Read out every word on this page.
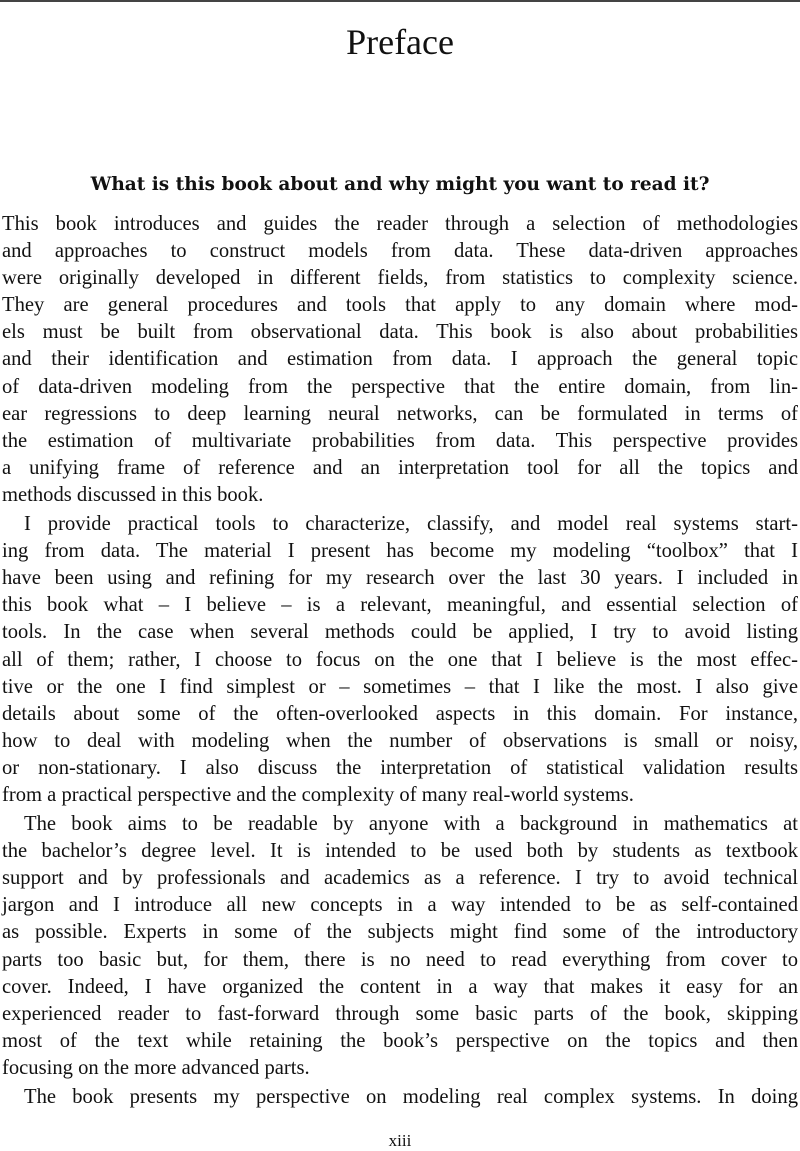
Preface
What is this book about and why might you want to read it?
This book introduces and guides the reader through a selection of methodologies
and approaches to construct models from data. These data-driven approaches
were originally developed in different fields, from statistics to complexity science.
They are general procedures and tools that apply to any domain where mod-
els must be built from observational data. This book is also about probabilities
and their identification and estimation from data. I approach the general topic
of data-driven modeling from the perspective that the entire domain, from lin-
ear regressions to deep learning neural networks, can be formulated in terms of
the estimation of multivariate probabilities from data. This perspective provides
a unifying frame of reference and an interpretation tool for all the topics and
methods discussed in this book.
I provide practical tools to characterize, classify, and model real systems start-
ing from data. The material I present has become my modeling “toolbox” that I
have been using and refining for my research over the last 30 years. I included in
this book what – I believe – is a relevant, meaningful, and essential selection of
tools. In the case when several methods could be applied, I try to avoid listing
all of them; rather, I choose to focus on the one that I believe is the most effec-
tive or the one I find simplest or – sometimes – that I like the most. I also give
details about some of the often-overlooked aspects in this domain. For instance,
how to deal with modeling when the number of observations is small or noisy,
or non-stationary. I also discuss the interpretation of statistical validation results
from a practical perspective and the complexity of many real-world systems.
The book aims to be readable by anyone with a background in mathematics at
the bachelor’s degree level. It is intended to be used both by students as textbook
support and by professionals and academics as a reference. I try to avoid technical
jargon and I introduce all new concepts in a way intended to be as self-contained
as possible. Experts in some of the subjects might find some of the introductory
parts too basic but, for them, there is no need to read everything from cover to
cover. Indeed, I have organized the content in a way that makes it easy for an
experienced reader to fast-forward through some basic parts of the book, skipping
most of the text while retaining the book’s perspective on the topics and then
focusing on the more advanced parts.
The book presents my perspective on modeling real complex systems. In doing
xiii
